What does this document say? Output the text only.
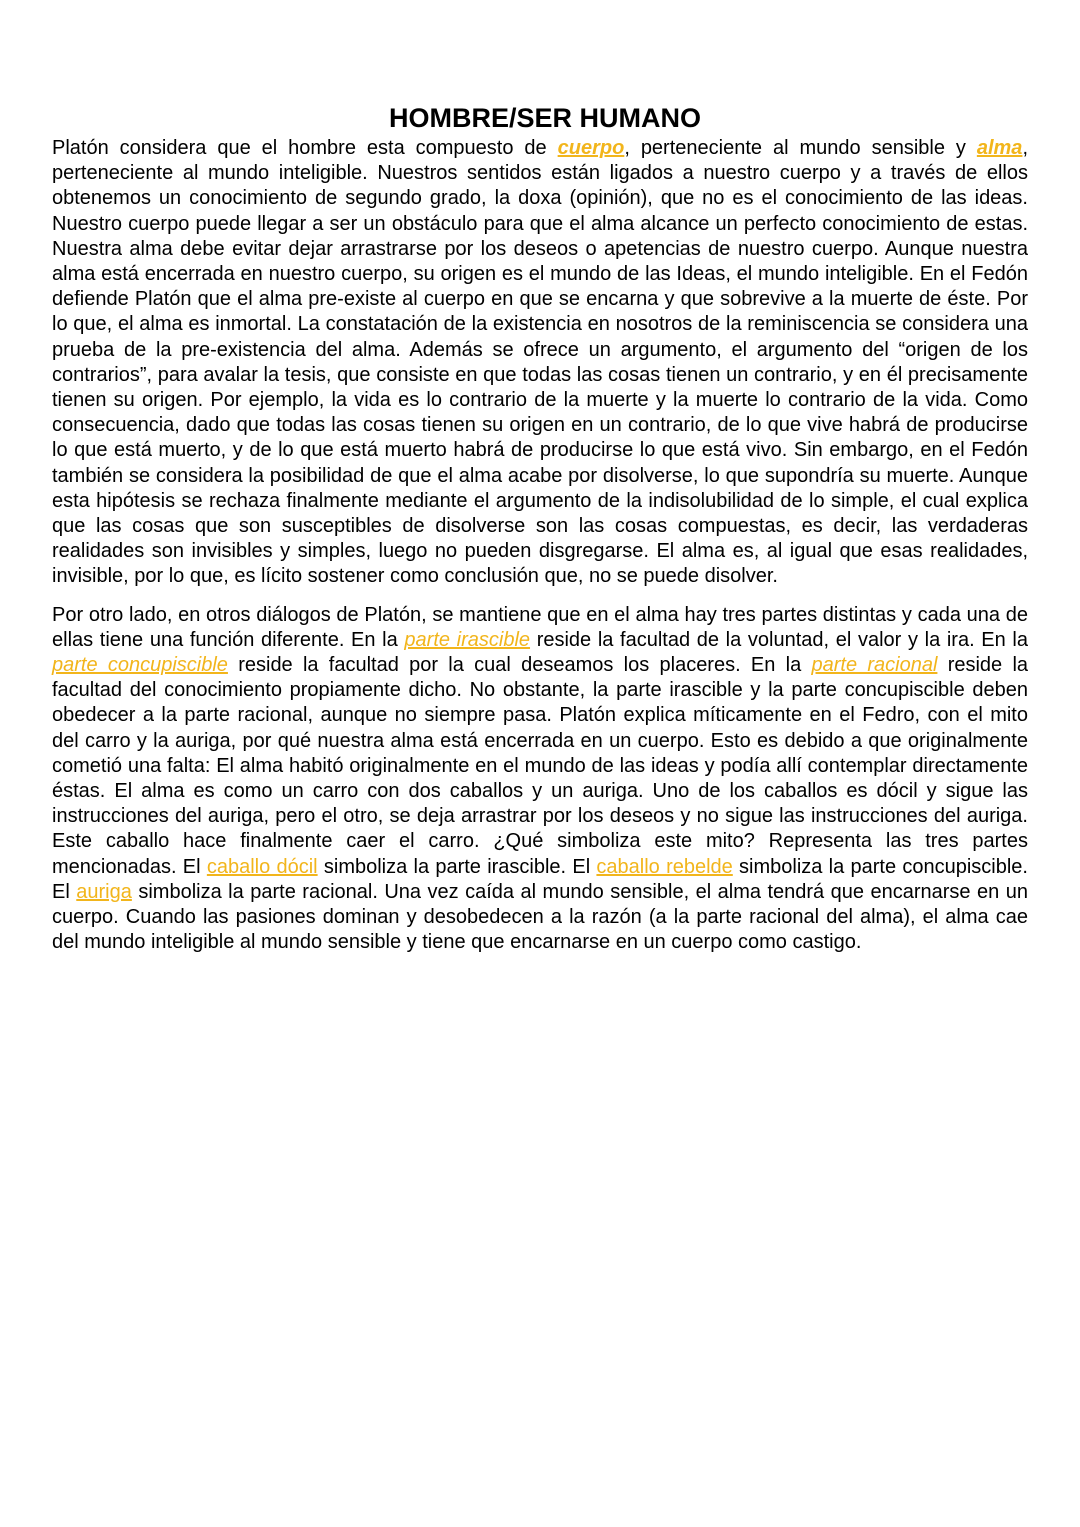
HOMBRE/SER HUMANO

Platón considera que el hombre esta compuesto de cuerpo, perteneciente al mundo sensible y alma, perteneciente al mundo inteligible. Nuestros sentidos están ligados a nuestro cuerpo y a través de ellos obtenemos un conocimiento de segundo grado, la doxa (opinión), que no es el conocimiento de las ideas. Nuestro cuerpo puede llegar a ser un obstáculo para que el alma alcance un perfecto conocimiento de estas. Nuestra alma debe evitar dejar arrastrarse por los deseos o apetencias de nuestro cuerpo. Aunque nuestra alma está encerrada en nuestro cuerpo, su origen es el mundo de las Ideas, el mundo inteligible. En el Fedón defiende Platón que el alma pre-existe al cuerpo en que se encarna y que sobrevive a la muerte de éste. Por lo que, el alma es inmortal. La constatación de la existencia en nosotros de la reminiscencia se considera una prueba de la pre-existencia del alma. Además se ofrece un argumento, el argumento del “origen de los contrarios”, para avalar la tesis, que consiste en que todas las cosas tienen un contrario, y en él precisamente tienen su origen. Por ejemplo, la vida es lo contrario de la muerte y la muerte lo contrario de la vida. Como consecuencia, dado que todas las cosas tienen su origen en un contrario, de lo que vive habrá de producirse lo que está muerto, y de lo que está muerto habrá de producirse lo que está vivo. Sin embargo, en el Fedón también se considera la posibilidad de que el alma acabe por disolverse, lo que supondría su muerte. Aunque esta hipótesis se rechaza finalmente mediante el argumento de la indisolubilidad de lo simple, el cual explica que las cosas que son susceptibles de disolverse son las cosas compuestas, es decir, las verdaderas realidades son invisibles y simples, luego no pueden disgregarse. El alma es, al igual que esas realidades, invisible, por lo que, es lícito sostener como conclusión que, no se puede disolver.

Por otro lado, en otros diálogos de Platón, se mantiene que en el alma hay tres partes distintas y cada una de ellas tiene una función diferente. En la parte irascible reside la facultad de la voluntad, el valor y la ira. En la parte concupiscible reside la facultad por la cual deseamos los placeres. En la parte racional reside la facultad del conocimiento propiamente dicho. No obstante, la parte irascible y la parte concupiscible deben obedecer a la parte racional, aunque no siempre pasa. Platón explica míticamente en el Fedro, con el mito del carro y la auriga, por qué nuestra alma está encerrada en un cuerpo. Esto es debido a que originalmente cometió una falta: El alma habitó originalmente en el mundo de las ideas y podía allí contemplar directamente éstas. El alma es como un carro con dos caballos y un auriga. Uno de los caballos es dócil y sigue las instrucciones del auriga, pero el otro, se deja arrastrar por los deseos y no sigue las instrucciones del auriga. Este caballo hace finalmente caer el carro. ¿Qué simboliza este mito? Representa las tres partes mencionadas. El caballo dócil simboliza la parte irascible. El caballo rebelde simboliza la parte concupiscible. El auriga simboliza la parte racional. Una vez caída al mundo sensible, el alma tendrá que encarnarse en un cuerpo. Cuando las pasiones dominan y desobedecen a la razón (a la parte racional del alma), el alma cae del mundo inteligible al mundo sensible y tiene que encarnarse en un cuerpo como castigo.
